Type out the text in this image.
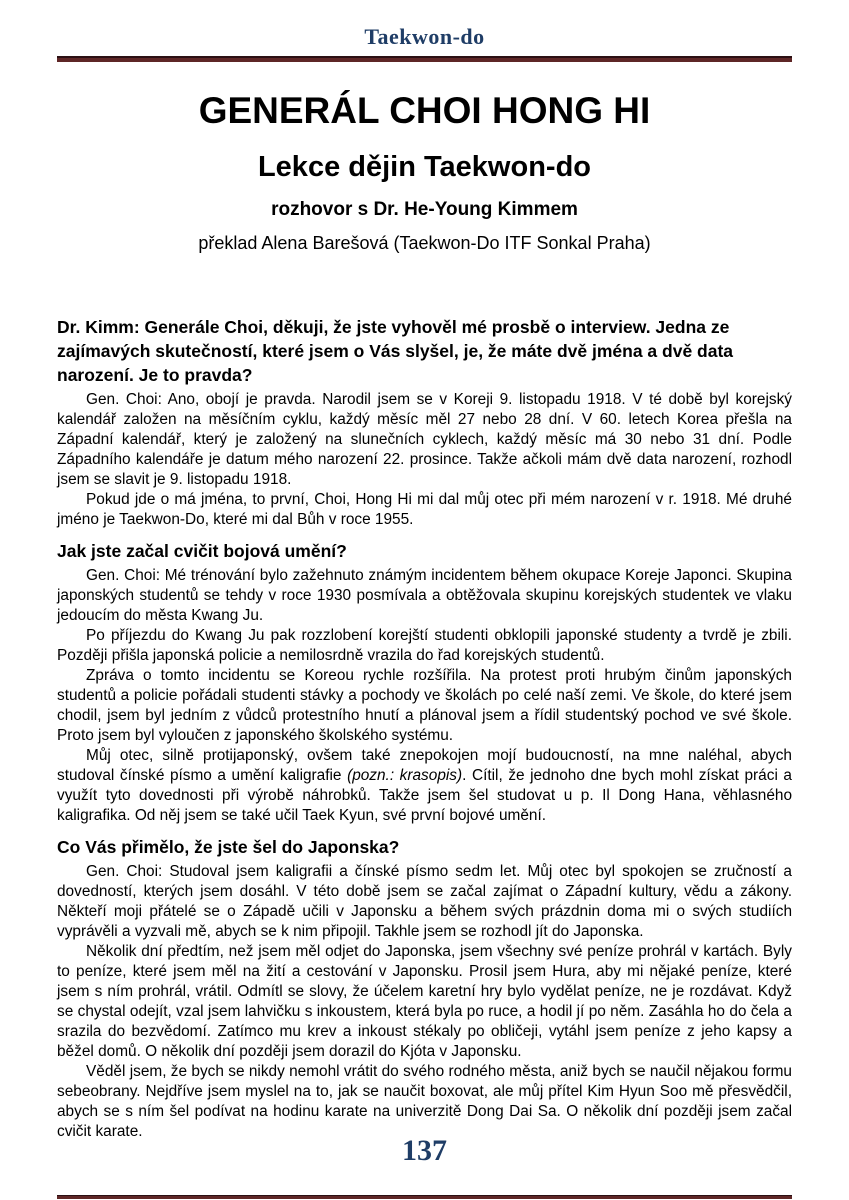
Taekwon-do
GENERÁL CHOI HONG HI
Lekce dějin Taekwon-do
rozhovor s Dr. He-Young Kimmem
překlad Alena Barešová (Taekwon-Do ITF Sonkal Praha)

Dr. Kimm: Generále Choi, děkuji, že jste vyhověl mé prosbě o interview. Jedna ze zajímavých skutečností, které jsem o Vás slyšel, je, že máte dvě jména a dvě data narození. Je to pravda?

Gen. Choi: Ano, obojí je pravda. Narodil jsem se v Koreji 9. listopadu 1918. V té době byl korejský kalendář založen na měsíčním cyklu, každý měsíc měl 27 nebo 28 dní. V 60. letech Korea přešla na Západní kalendář, který je založený na slunečních cyklech, každý měsíc má 30 nebo 31 dní. Podle Západního kalendáře je datum mého narození 22. prosince. Takže ačkoli mám dvě data narození, rozhodl jsem se slavit je 9. listopadu 1918.

Pokud jde o má jména, to první, Choi, Hong Hi mi dal můj otec při mém narození v r. 1918. Mé druhé jméno je Taekwon-Do, které mi dal Bůh v roce 1955.

Jak jste začal cvičit bojová umění?

Gen. Choi: Mé trénování bylo zažehnuto známým incidentem během okupace Koreje Japonci. Skupina japonských studentů se tehdy v roce 1930 posmívala a obtěžovala skupinu korejských studentek ve vlaku jedoucím do města Kwang Ju.

Po příjezdu do Kwang Ju pak rozzlobení korejští studenti obklopili japonské studenty a tvrdě je zbili. Později přišla japonská policie a nemilosrdně vrazila do řad korejských studentů.

Zpráva o tomto incidentu se Koreou rychle rozšířila. Na protest proti hrubým činům japonských studentů a policie pořádali studenti stávky a pochody ve školách po celé naší zemi. Ve škole, do které jsem chodil, jsem byl jedním z vůdců protestního hnutí a plánoval jsem a řídil studentský pochod ve své škole. Proto jsem byl vyloučen z japonského školského systému.

Můj otec, silně protijaponský, ovšem také znepokojen mojí budoucností, na mne naléhal, abych studoval čínské písmo a umění kaligrafie (pozn.: krasopis). Cítil, že jednoho dne bych mohl získat práci a využít tyto dovednosti při výrobě náhrobků. Takže jsem šel studovat u p. Il Dong Hana, věhlasného kaligrafika. Od něj jsem se také učil Taek Kyun, své první bojové umění.

Co Vás přimělo, že jste šel do Japonska?

Gen. Choi: Studoval jsem kaligrafii a čínské písmo sedm let. Můj otec byl spokojen se zručností a dovedností, kterých jsem dosáhl. V této době jsem se začal zajímat o Západní kultury, vědu a zákony. Někteří moji přátelé se o Západě učili v Japonsku a během svých prázdnin doma mi o svých studiích vyprávěli a vyzvali mě, abych se k nim připojil. Takhle jsem se rozhodl jít do Japonska.

Několik dní předtím, než jsem měl odjet do Japonska, jsem všechny své peníze prohrál v kartách. Byly to peníze, které jsem měl na žití a cestování v Japonsku. Prosil jsem Hura, aby mi nějaké peníze, které jsem s ním prohrál, vrátil. Odmítl se slovy, že účelem karetní hry bylo vydělat peníze, ne je rozdávat. Když se chystal odejít, vzal jsem lahvičku s inkoustem, která byla po ruce, a hodil jí po něm. Zasáhla ho do čela a srazila do bezvědomí. Zatímco mu krev a inkoust stékaly po obličeji, vytáhl jsem peníze z jeho kapsy a běžel domů. O několik dní později jsem dorazil do Kjóta v Japonsku.

Věděl jsem, že bych se nikdy nemohl vrátit do svého rodného města, aniž bych se naučil nějakou formu sebeobrany. Nejdříve jsem myslel na to, jak se naučit boxovat, ale můj přítel Kim Hyun Soo mě přesvědčil, abych se s ním šel podívat na hodinu karate na univerzitě Dong Dai Sa. O několik dní později jsem začal cvičit karate.

137
